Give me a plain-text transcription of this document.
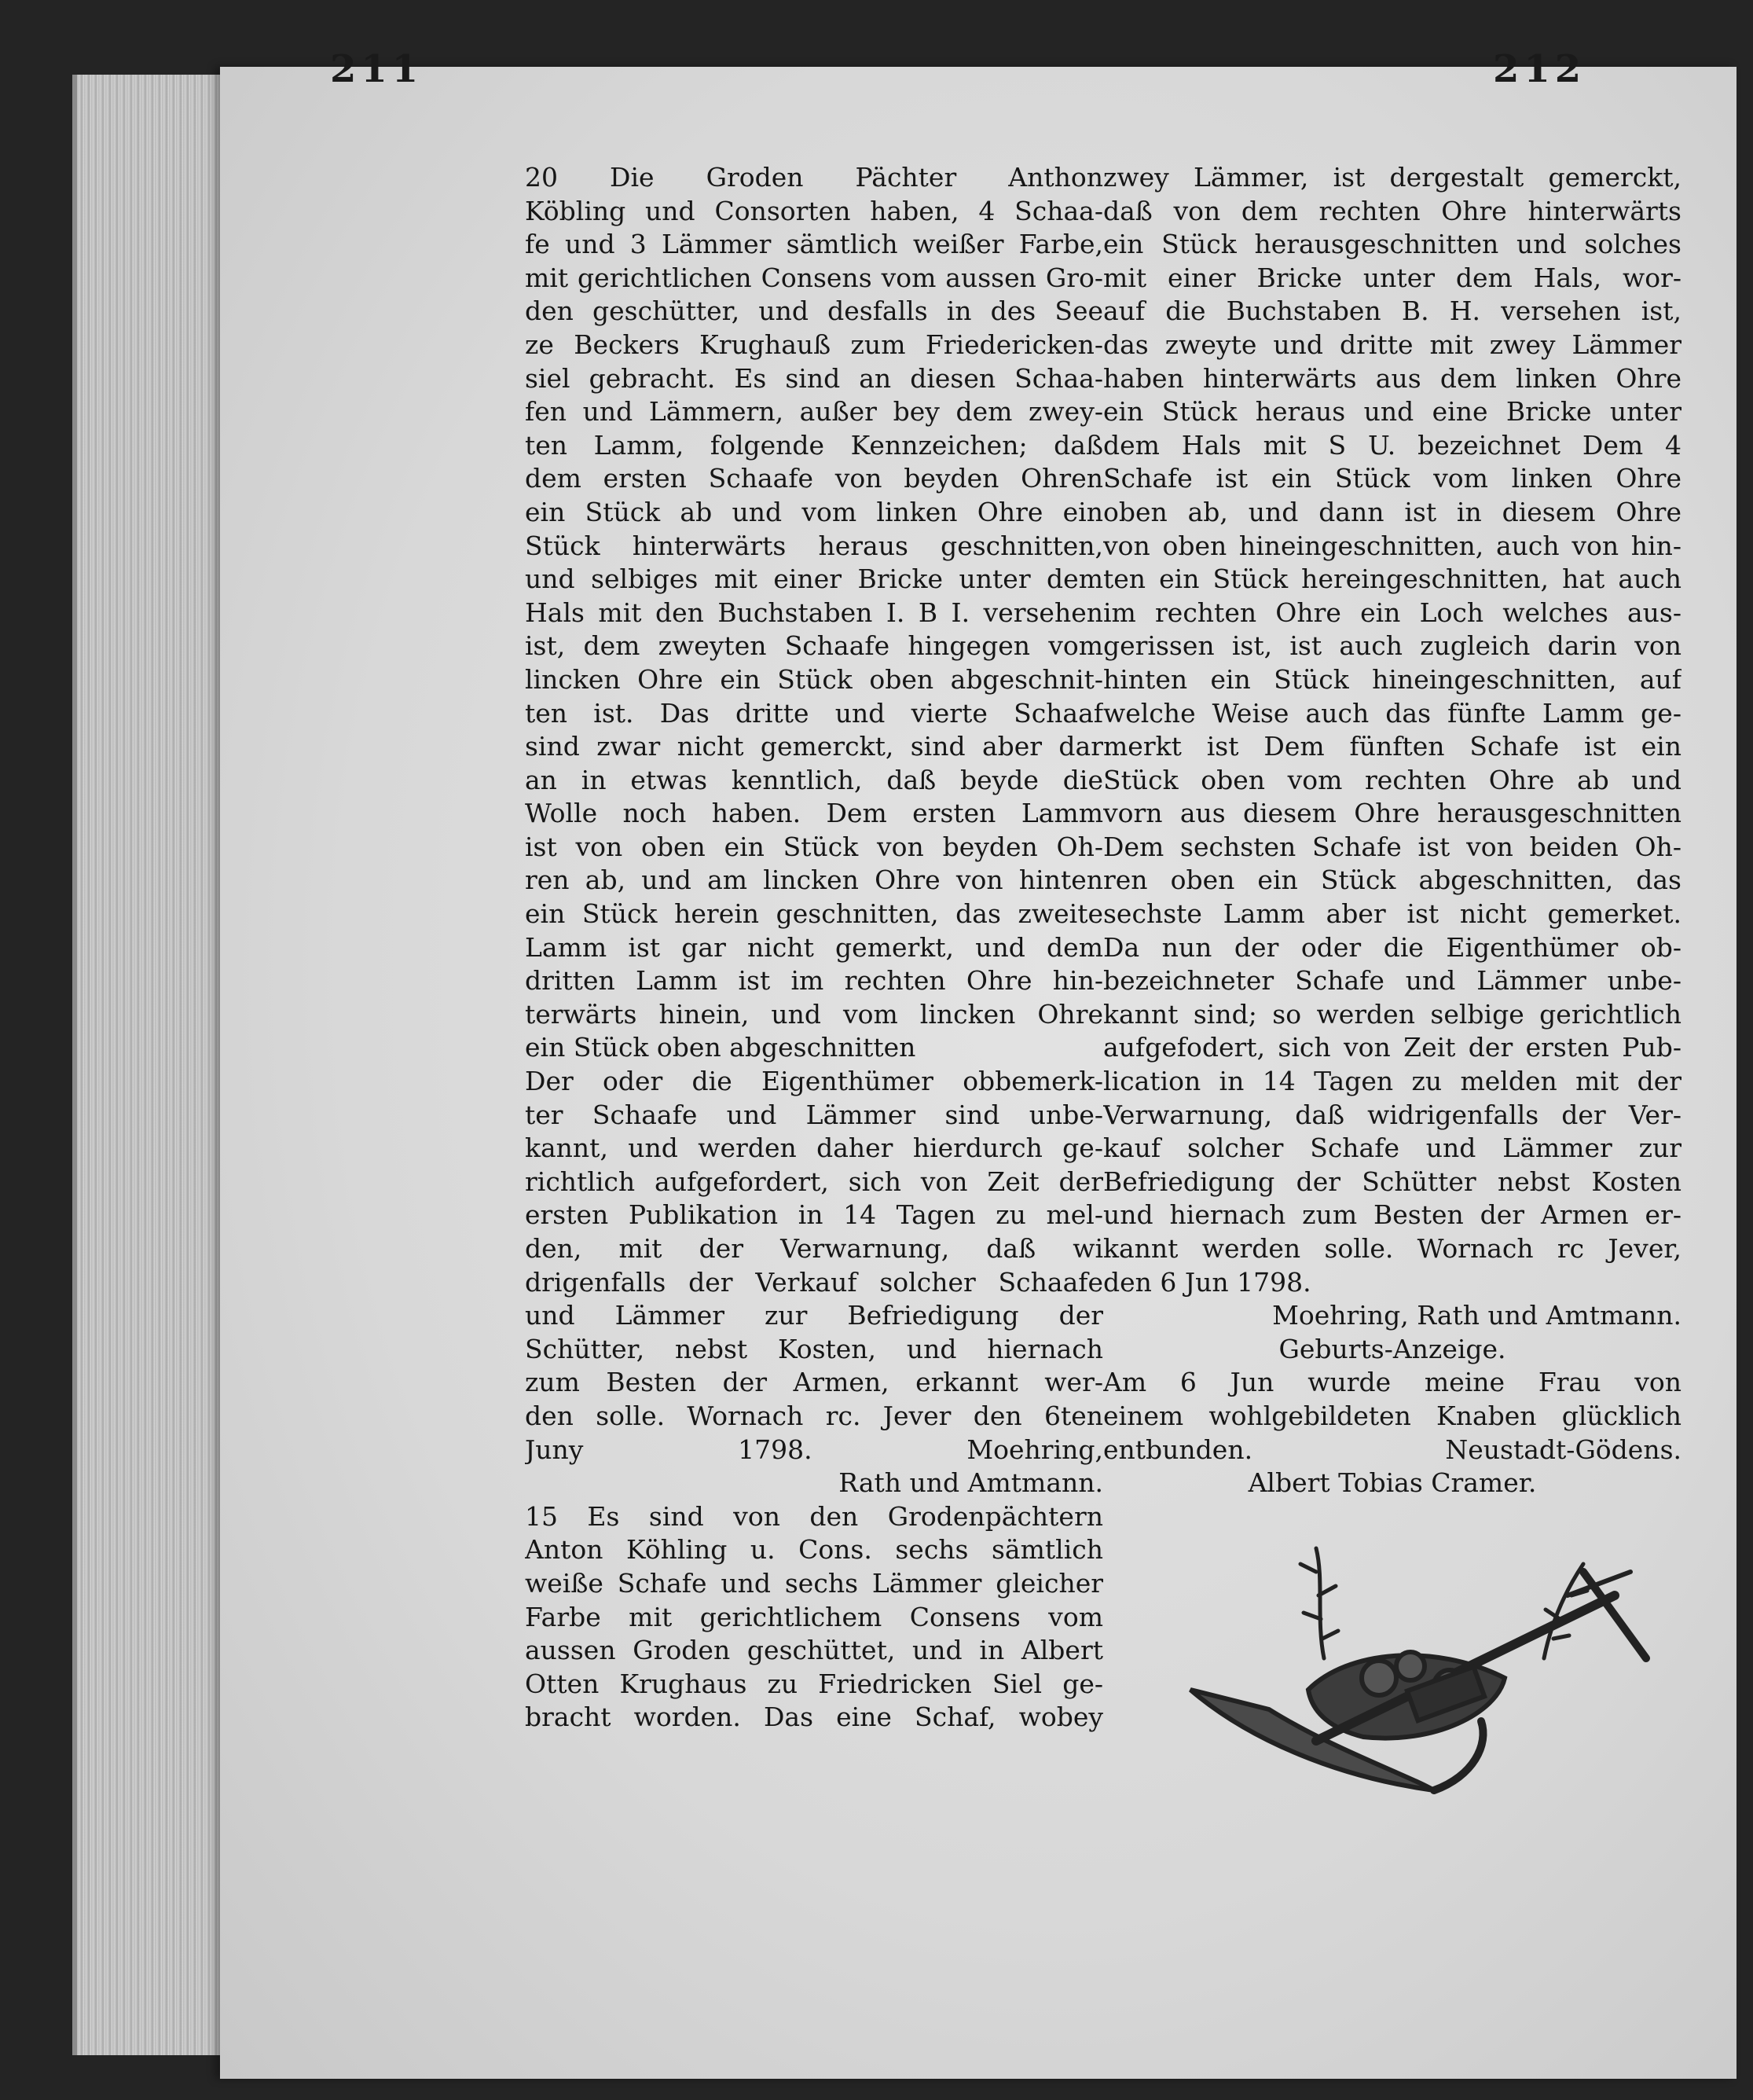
211	212
20 Die Groden Pächter Anthon
Köbling und Consorten haben, 4 Schaa-
fe und 3 Lämmer sämtlich weißer Farbe,
mit gerichtlichen Consens vom aussen Gro-
den geschütter, und desfalls in des See
ze Beckers Krughauß zum Friedericken-
siel gebracht. Es sind an diesen Schaa-
fen und Lämmern, außer bey dem zwey-
ten Lamm, folgende Kennzeichen; daß
dem ersten Schaafe von beyden Ohren
ein Stück ab und vom linken Ohre ein
Stück hinterwärts heraus geschnitten,
und selbiges mit einer Bricke unter dem
Hals mit den Buchstaben I. B I. versehen
ist, dem zweyten Schaafe hingegen vom
lincken Ohre ein Stück oben abgeschnit-
ten ist. Das dritte und vierte Schaaf
sind zwar nicht gemerckt, sind aber dar
an in etwas kenntlich, daß beyde die
Wolle noch haben. Dem ersten Lamm
ist von oben ein Stück von beyden Oh-
ren ab, und am lincken Ohre von hinten
ein Stück herein geschnitten, das zweite
Lamm ist gar nicht gemerkt, und dem
dritten Lamm ist im rechten Ohre hin-
terwärts hinein, und vom lincken Ohre
ein Stück oben abgeschnitten
Der oder die Eigenthümer obbemerk-
ter Schaafe und Lämmer sind unbe-
kannt, und werden daher hierdurch ge-
richtlich aufgefordert, sich von Zeit der
ersten Publikation in 14 Tagen zu mel-
den, mit der Verwarnung, daß wi
drigenfalls der Verkauf solcher Schaafe
und Lämmer zur Befriedigung der
Schütter, nebst Kosten, und hiernach
zum Besten der Armen, erkannt wer-
den solle. Wornach rc. Jever den 6ten
Juny 1798. Moehring,
Rath und Amtmann.
15 Es sind von den Grodenpächtern
Anton Köhling u. Cons. sechs sämtlich
weiße Schafe und sechs Lämmer gleicher
Farbe mit gerichtlichem Consens vom
aussen Groden geschüttet, und in Albert
Otten Krughaus zu Friedricken Siel ge-
bracht worden. Das eine Schaf, wobey
zwey Lämmer, ist dergestalt gemerckt,
daß von dem rechten Ohre hinterwärts
ein Stück herausgeschnitten und solches
mit einer Bricke unter dem Hals, wor-
auf die Buchstaben B. H. versehen ist,
das zweyte und dritte mit zwey Lämmer
haben hinterwärts aus dem linken Ohre
ein Stück heraus und eine Bricke unter
dem Hals mit S U. bezeichnet Dem 4
Schafe ist ein Stück vom linken Ohre
oben ab, und dann ist in diesem Ohre
von oben hineingeschnitten, auch von hin-
ten ein Stück hereingeschnitten, hat auch
im rechten Ohre ein Loch welches aus-
gerissen ist, ist auch zugleich darin von
hinten ein Stück hineingeschnitten, auf
welche Weise auch das fünfte Lamm ge-
merkt ist Dem fünften Schafe ist ein
Stück oben vom rechten Ohre ab und
vorn aus diesem Ohre herausgeschnitten
Dem sechsten Schafe ist von beiden Oh-
ren oben ein Stück abgeschnitten, das
sechste Lamm aber ist nicht gemerket.
Da nun der oder die Eigenthümer ob-
bezeichneter Schafe und Lämmer unbe-
kannt sind; so werden selbige gerichtlich
aufgefodert, sich von Zeit der ersten Pub-
lication in 14 Tagen zu melden mit der
Verwarnung, daß widrigenfalls der Ver-
kauf solcher Schafe und Lämmer zur
Befriedigung der Schütter nebst Kosten
und hiernach zum Besten der Armen er-
kannt werden solle. Wornach rc Jever,
den 6 Jun 1798.
Moehring, Rath und Amtmann.
Geburts-Anzeige.
Am 6 Jun wurde meine Frau von
einem wohlgebildeten Knaben glücklich
entbunden. Neustadt-Gödens.
Albert Tobias Cramer.
